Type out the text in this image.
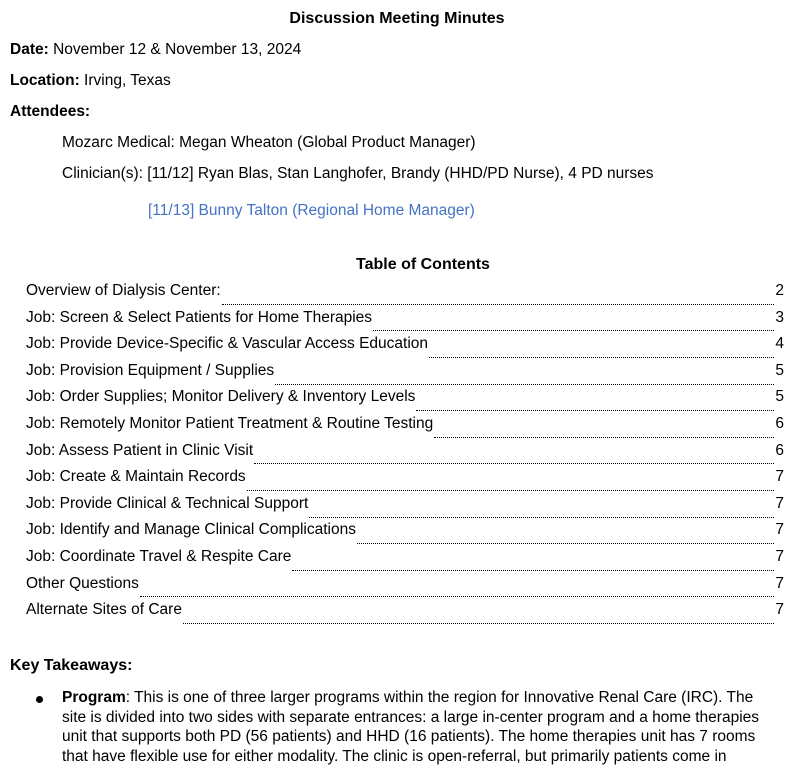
Discussion Meeting Minutes
Date: November 12 & November 13, 2024
Location: Irving, Texas
Attendees:
Mozarc Medical: Megan Wheaton (Global Product Manager)
Clinician(s): [11/12] Ryan Blas, Stan Langhofer, Brandy (HHD/PD Nurse), 4 PD nurses
[11/13] Bunny Talton (Regional Home Manager)
Table of Contents
Overview of Dialysis Center:	2
Job: Screen & Select Patients for Home Therapies	3
Job: Provide Device-Specific & Vascular Access Education	4
Job: Provision Equipment / Supplies	5
Job: Order Supplies; Monitor Delivery & Inventory Levels	5
Job: Remotely Monitor Patient Treatment & Routine Testing	6
Job: Assess Patient in Clinic Visit	6
Job: Create & Maintain Records	7
Job: Provide Clinical & Technical Support	7
Job: Identify and Manage Clinical Complications	7
Job: Coordinate Travel & Respite Care	7
Other Questions	7
Alternate Sites of Care	7
Key Takeaways:
Program: This is one of three larger programs within the region for Innovative Renal Care (IRC). The site is divided into two sides with separate entrances: a large in-center program and a home therapies unit that supports both PD (56 patients) and HHD (16 patients). The home therapies unit has 7 rooms that have flexible use for either modality. The clinic is open-referral, but primarily patients come in
